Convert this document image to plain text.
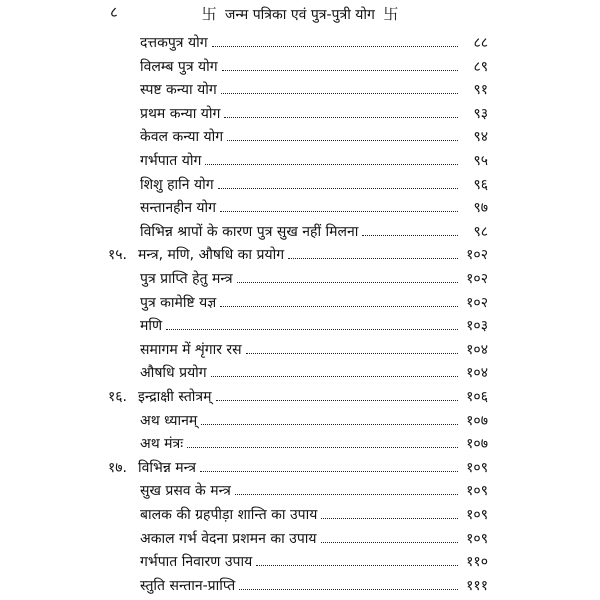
८	卐 जन्म पत्रिका एवं पुत्र-पुत्री योग 卐
दत्तकपुत्र योग	८८
विलम्ब पुत्र योग	८९
स्पष्ट कन्या योग	९१
प्रथम कन्या योग	९३
केवल कन्या योग	९४
गर्भपात योग	९५
शिशु हानि योग	९६
सन्तानहीन योग	९७
विभिन्न श्रापों के कारण पुत्र सुख नहीं मिलना	९८
१५. मन्त्र, मणि, औषधि का प्रयोग	१०२
पुत्र प्राप्ति हेतु मन्त्र	१०२
पुत्र कामेष्टि यज्ञ	१०२
मणि	१०३
समागम में शृंगार रस	१०४
औषधि प्रयोग	१०४
१६. इन्द्राक्षी स्तोत्रम्	१०६
अथ ध्यानम्	१०७
अथ मंत्रः	१०७
१७. विभिन्न मन्त्र	१०९
सुख प्रसव के मन्त्र	१०९
बालक की ग्रहपीड़ा शान्ति का उपाय	१०९
अकाल गर्भ वेदना प्रशमन का उपाय	१०९
गर्भपात निवारण उपाय	११०
स्तुति सन्तान-प्राप्ति	१११
